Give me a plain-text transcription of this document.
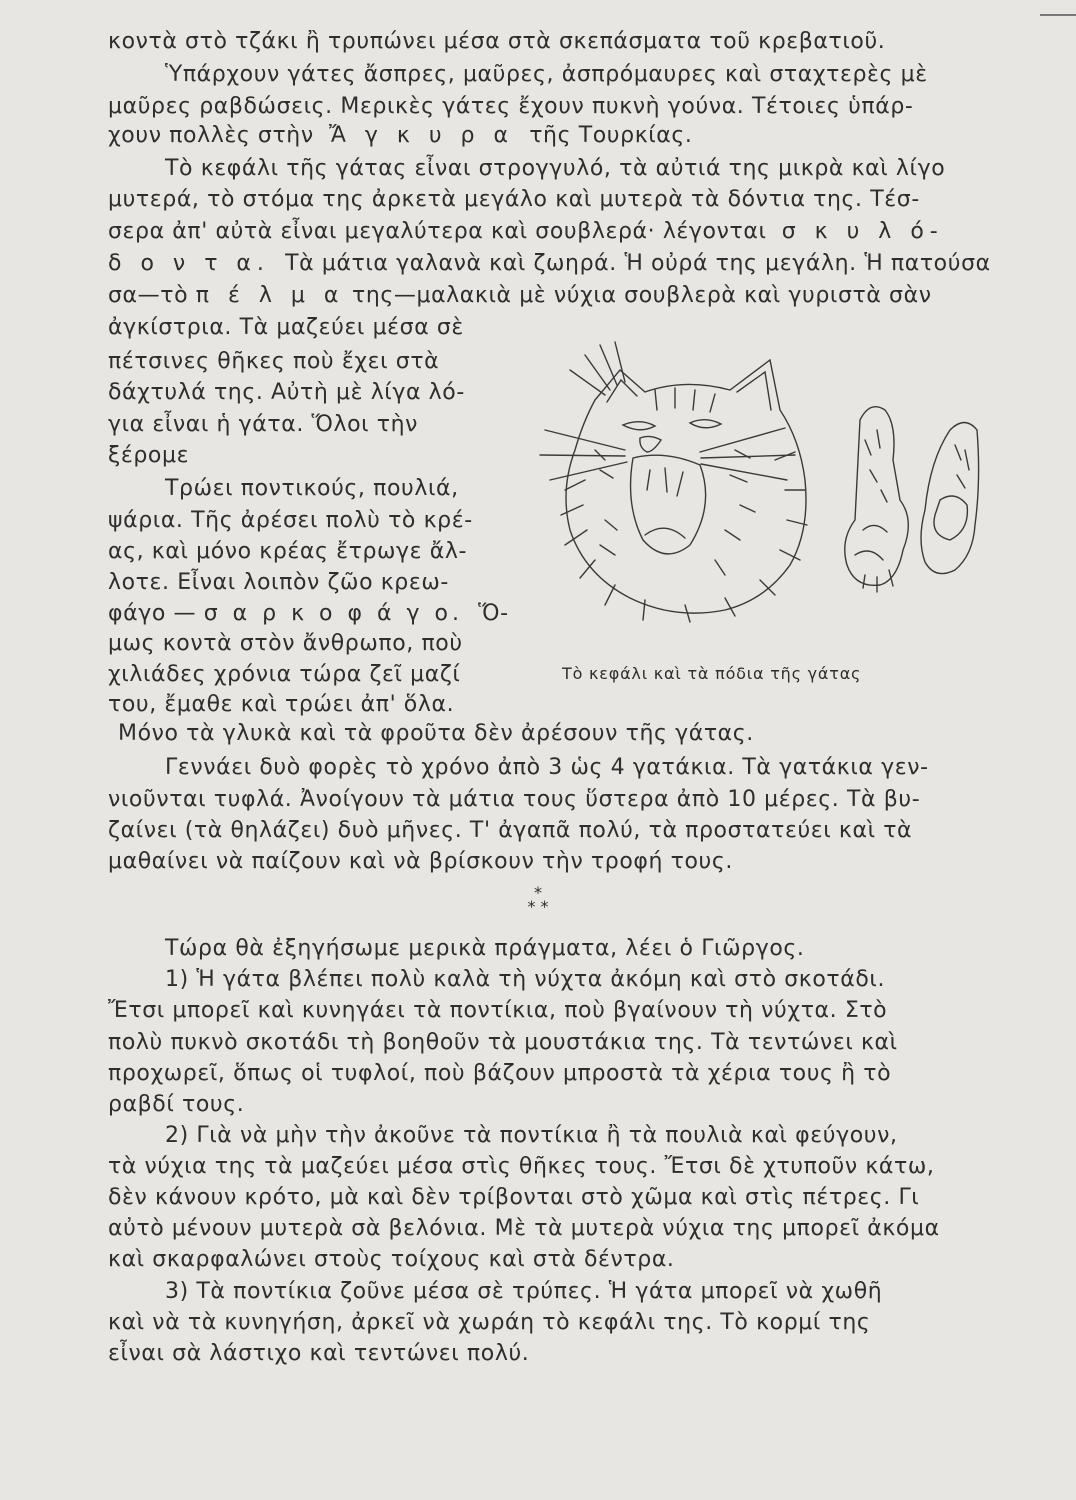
κοντὰ στὸ τζάκι ἢ τρυπώνει μέσα στὰ σκεπάσματα τοῦ κρεβατιοῦ.
Ὑπάρχουν γάτες ἄσπρες, μαῦρες, ἀσπρόμαυρες καὶ σταχτερὲς μὲ
μαῦρες ραβδώσεις. Μερικὲς γάτες ἔχουν πυκνὴ γούνα. Τέτοιες ὑπάρ-
χουν πολλὲς στὴν Ἄ γ κ υ ρ α τῆς Τουρκίας.
Τὸ κεφάλι τῆς γάτας εἶναι στρογγυλό, τὰ αὐτιά της μικρὰ καὶ λίγο
μυτερά, τὸ στόμα της ἀρκετὰ μεγάλο καὶ μυτερὰ τὰ δόντια της. Τέσ-
σερα ἀπ' αὐτὰ εἶναι μεγαλύτερα καὶ σουβλερά· λέγονται σ κ υ λ ό-
δ ο ν τ α. Τὰ μάτια γαλανὰ καὶ ζωηρά. Ἡ οὐρά της μεγάλη. Ἡ πατούσα
σα—τὸ π έ λ μ α της—μαλακιὰ μὲ νύχια σουβλερὰ καὶ γυριστὰ σὰν
ἀγκίστρια. Τὰ μαζεύει μέσα σὲ
πέτσινες θῆκες ποὺ ἔχει στὰ
δάχτυλά της. Αὐτὴ μὲ λίγα λό-
για εἶναι ἡ γάτα. Ὅλοι τὴν
ξέρομε
Τρώει ποντικούς, πουλιά,
ψάρια. Τῆς ἀρέσει πολὺ τὸ κρέ-
ας, καὶ μόνο κρέας ἔτρωγε ἄλ-
λοτε. Εἶναι λοιπὸν ζῶο κρεω-
φάγο — σ α ρ κ ο φ ά γ ο. Ὅ-
μως κοντὰ στὸν ἄνθρωπο, ποὺ
χιλιάδες χρόνια τώρα ζεῖ μαζί
του, ἔμαθε καὶ τρώει ἀπ' ὅλα.
Μόνο τὰ γλυκὰ καὶ τὰ φροῦτα δὲν ἀρέσουν τῆς γάτας.
Γεννάει δυὸ φορὲς τὸ χρόνο ἀπὸ 3 ὡς 4 γατάκια. Τὰ γατάκια γεν-
νιοῦνται τυφλά. Ἀνοίγουν τὰ μάτια τους ὕστερα ἀπὸ 10 μέρες. Τὰ βυ-
ζαίνει (τὰ θηλάζει) δυὸ μῆνες. Τ' ἀγαπᾶ πολύ, τὰ προστατεύει καὶ τὰ
μαθαίνει νὰ παίζουν καὶ νὰ βρίσκουν τὴν τροφή τους.
*
* *
Τώρα θὰ ἐξηγήσωμε μερικὰ πράγματα, λέει ὁ Γιῶργος.
1) Ἡ γάτα βλέπει πολὺ καλὰ τὴ νύχτα ἀκόμη καὶ στὸ σκοτάδι.
Ἔτσι μπορεῖ καὶ κυνηγάει τὰ ποντίκια, ποὺ βγαίνουν τὴ νύχτα. Στὸ
πολὺ πυκνὸ σκοτάδι τὴ βοηθοῦν τὰ μουστάκια της. Τὰ τεντώνει καὶ
προχωρεῖ, ὅπως οἱ τυφλοί, ποὺ βάζουν μπροστὰ τὰ χέρια τους ἢ τὸ
ραβδί τους.
2) Γιὰ νὰ μὴν τὴν ἀκοῦνε τὰ ποντίκια ἢ τὰ πουλιὰ καὶ φεύγουν,
τὰ νύχια της τὰ μαζεύει μέσα στὶς θῆκες τους. Ἔτσι δὲ χτυποῦν κάτω,
δὲν κάνουν κρότο, μὰ καὶ δὲν τρίβονται στὸ χῶμα καὶ στὶς πέτρες. Γι
αὐτὸ μένουν μυτερὰ σὰ βελόνια. Μὲ τὰ μυτερὰ νύχια της μπορεῖ ἀκόμα
καὶ σκαρφαλώνει στοὺς τοίχους καὶ στὰ δέντρα.
3) Τὰ ποντίκια ζοῦνε μέσα σὲ τρύπες. Ἡ γάτα μπορεῖ νὰ χωθῆ
καὶ νὰ τὰ κυνηγήση, ἀρκεῖ νὰ χωράη τὸ κεφάλι της. Τὸ κορμί της
εἶναι σὰ λάστιχο καὶ τεντώνει πολύ.
Τὸ κεφάλι καὶ τὰ πόδια τῆς γάτας
